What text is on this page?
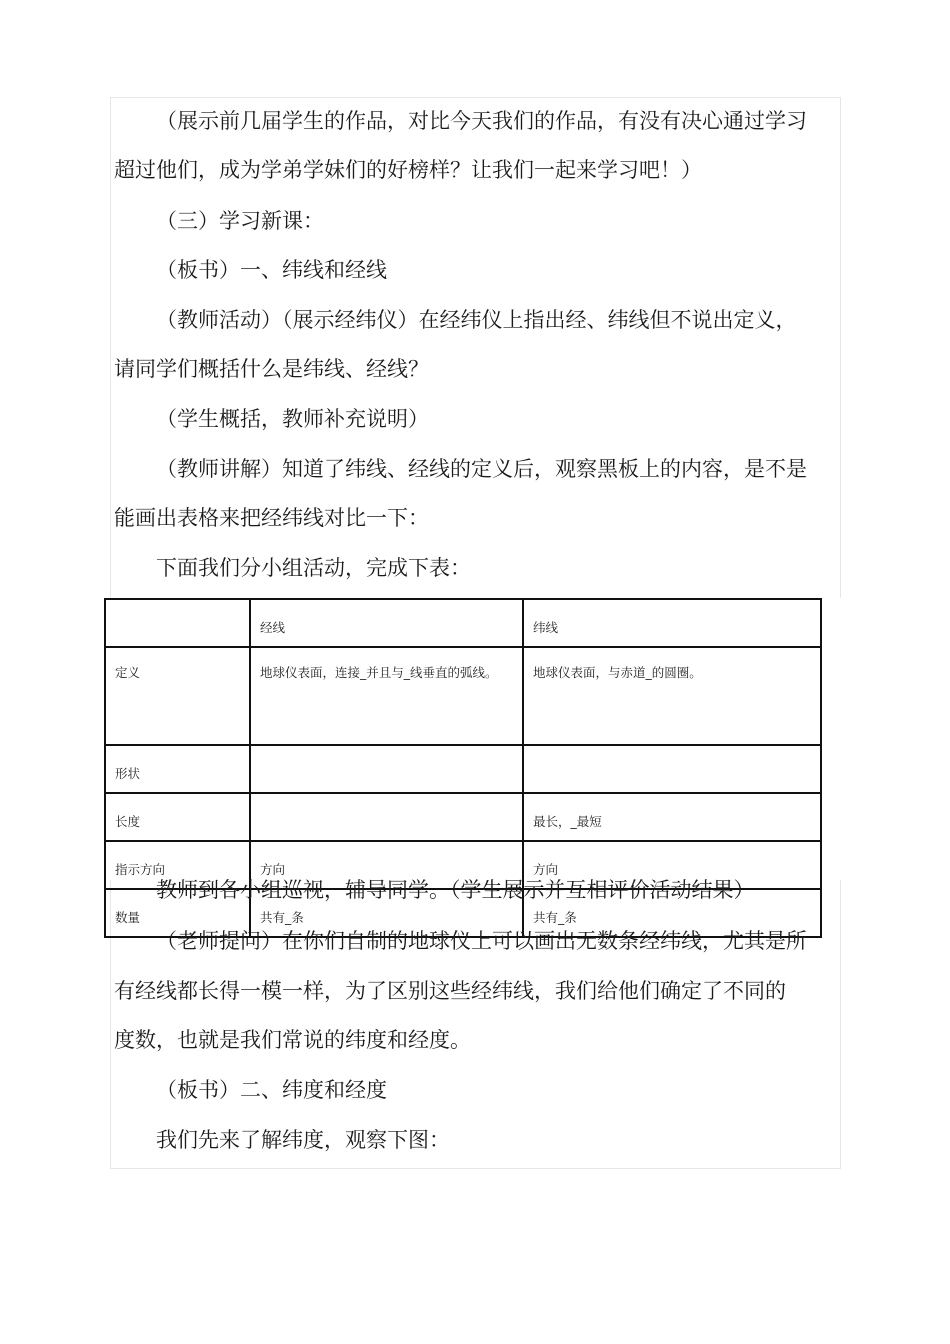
（展示前几届学生的作品，对比今天我们的作品，有没有决心通过学习

超过他们，成为学弟学妹们的好榜样？让我们一起来学习吧！）

（三）学习新课：

（板书）一、纬线和经线

（教师活动）（展示经纬仪）在经纬仪上指出经、纬线但不说出定义，

请同学们概括什么是纬线、经线？

（学生概括，教师补充说明）

（教师讲解）知道了纬线、经线的定义后，观察黑板上的内容，是不是

能画出表格来把经纬线对比一下：

下面我们分小组活动，完成下表：

	经线	纬线

定义	地球仪表面，连接_并且与_线垂直的弧线。	地球仪表面，与赤道_的圆圈。

形状		
长度		最长，_最短
指示方向	方向	方向
数量	共有_条	共有_条

教师到各小组巡视，辅导同学。（学生展示并互相评价活动结果）

（老师提问）在你们自制的地球仪上可以画出无数条经纬线，尤其是所

有经线都长得一模一样，为了区别这些经纬线，我们给他们确定了不同的

度数，也就是我们常说的纬度和经度。

（板书）二、纬度和经度

我们先来了解纬度，观察下图：
